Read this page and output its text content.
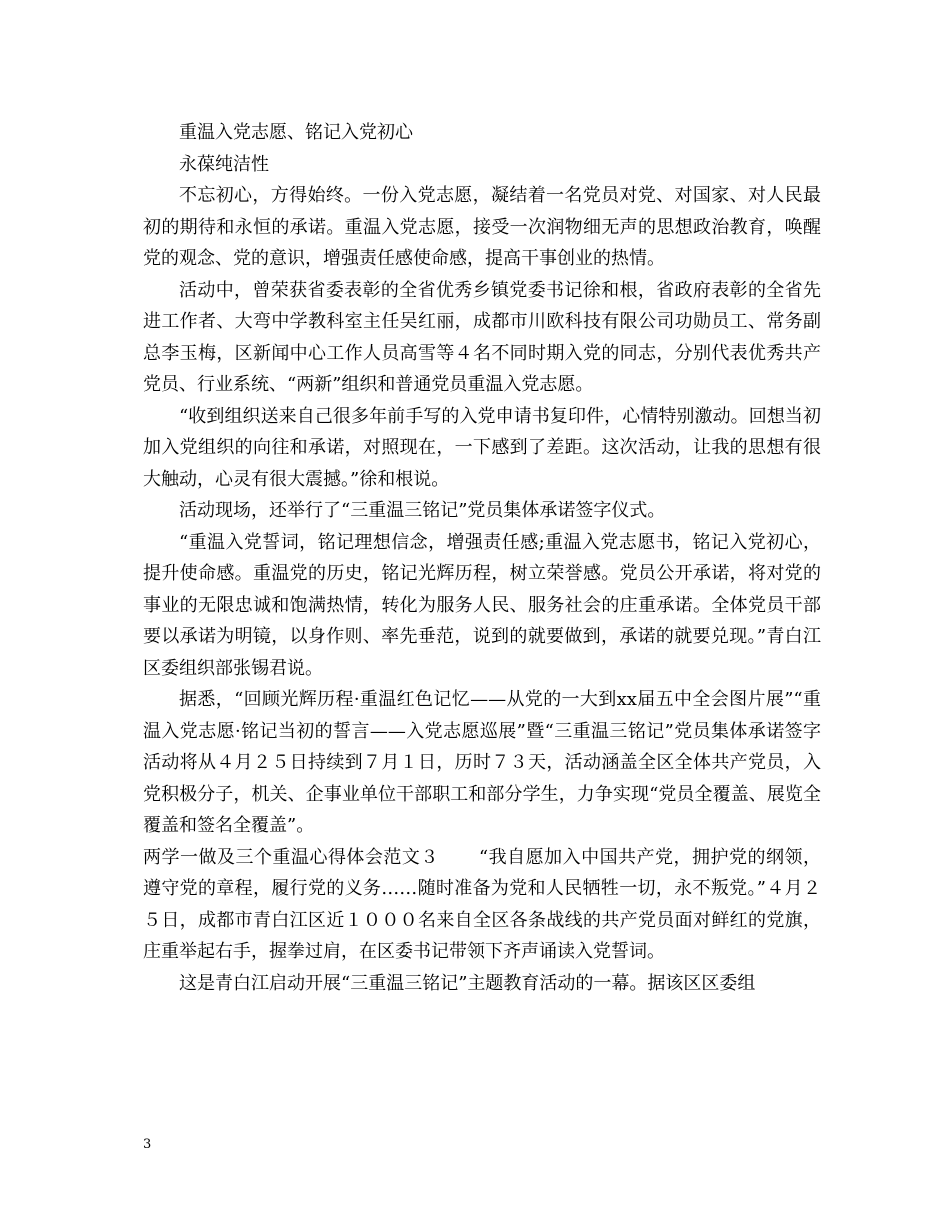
重温入党志愿、铭记入党初心

永葆纯洁性

不忘初心，方得始终。一份入党志愿，凝结着一名党员对党、对国家、对人民最初的期待和永恒的承诺。重温入党志愿，接受一次润物细无声的思想政治教育，唤醒党的观念、党的意识，增强责任感使命感，提高干事创业的热情。

活动中，曾荣获省委表彰的全省优秀乡镇党委书记徐和根，省政府表彰的全省先进工作者、大弯中学教科室主任吴红丽，成都市川欧科技有限公司功勋员工、常务副总李玉梅，区新闻中心工作人员高雪等４名不同时期入党的同志，分别代表优秀共产党员、行业系统、“两新”组织和普通党员重温入党志愿。

“收到组织送来自己很多年前手写的入党申请书复印件，心情特别激动。回想当初加入党组织的向往和承诺，对照现在，一下感到了差距。这次活动，让我的思想有很大触动，心灵有很大震撼。”徐和根说。

活动现场，还举行了“三重温三铭记”党员集体承诺签字仪式。

“重温入党誓词，铭记理想信念，增强责任感;重温入党志愿书，铭记入党初心，提升使命感。重温党的历史，铭记光辉历程，树立荣誉感。党员公开承诺，将对党的事业的无限忠诚和饱满热情，转化为服务人民、服务社会的庄重承诺。全体党员干部要以承诺为明镜，以身作则、率先垂范，说到的就要做到，承诺的就要兑现。”青白江区委组织部张锡君说。

据悉，“回顾光辉历程·重温红色记忆——从党的一大到xx届五中全会图片展”“重温入党志愿·铭记当初的誓言——入党志愿巡展”暨“三重温三铭记”党员集体承诺签字活动将从４月２５日持续到７月１日，历时７３天，活动涵盖全区全体共产党员，入党积极分子，机关、企事业单位干部职工和部分学生，力争实现“党员全覆盖、展览全覆盖和签名全覆盖”。

两学一做及三个重温心得体会范文３ “我自愿加入中国共产党，拥护党的纲领，遵守党的章程，履行党的义务……随时准备为党和人民牺牲一切，永不叛党。”４月２５日，成都市青白江区近１０００名来自全区各条战线的共产党员面对鲜红的党旗，庄重举起右手，握拳过肩，在区委书记带领下齐声诵读入党誓词。

这是青白江启动开展“三重温三铭记”主题教育活动的一幕。据该区区委组

3
